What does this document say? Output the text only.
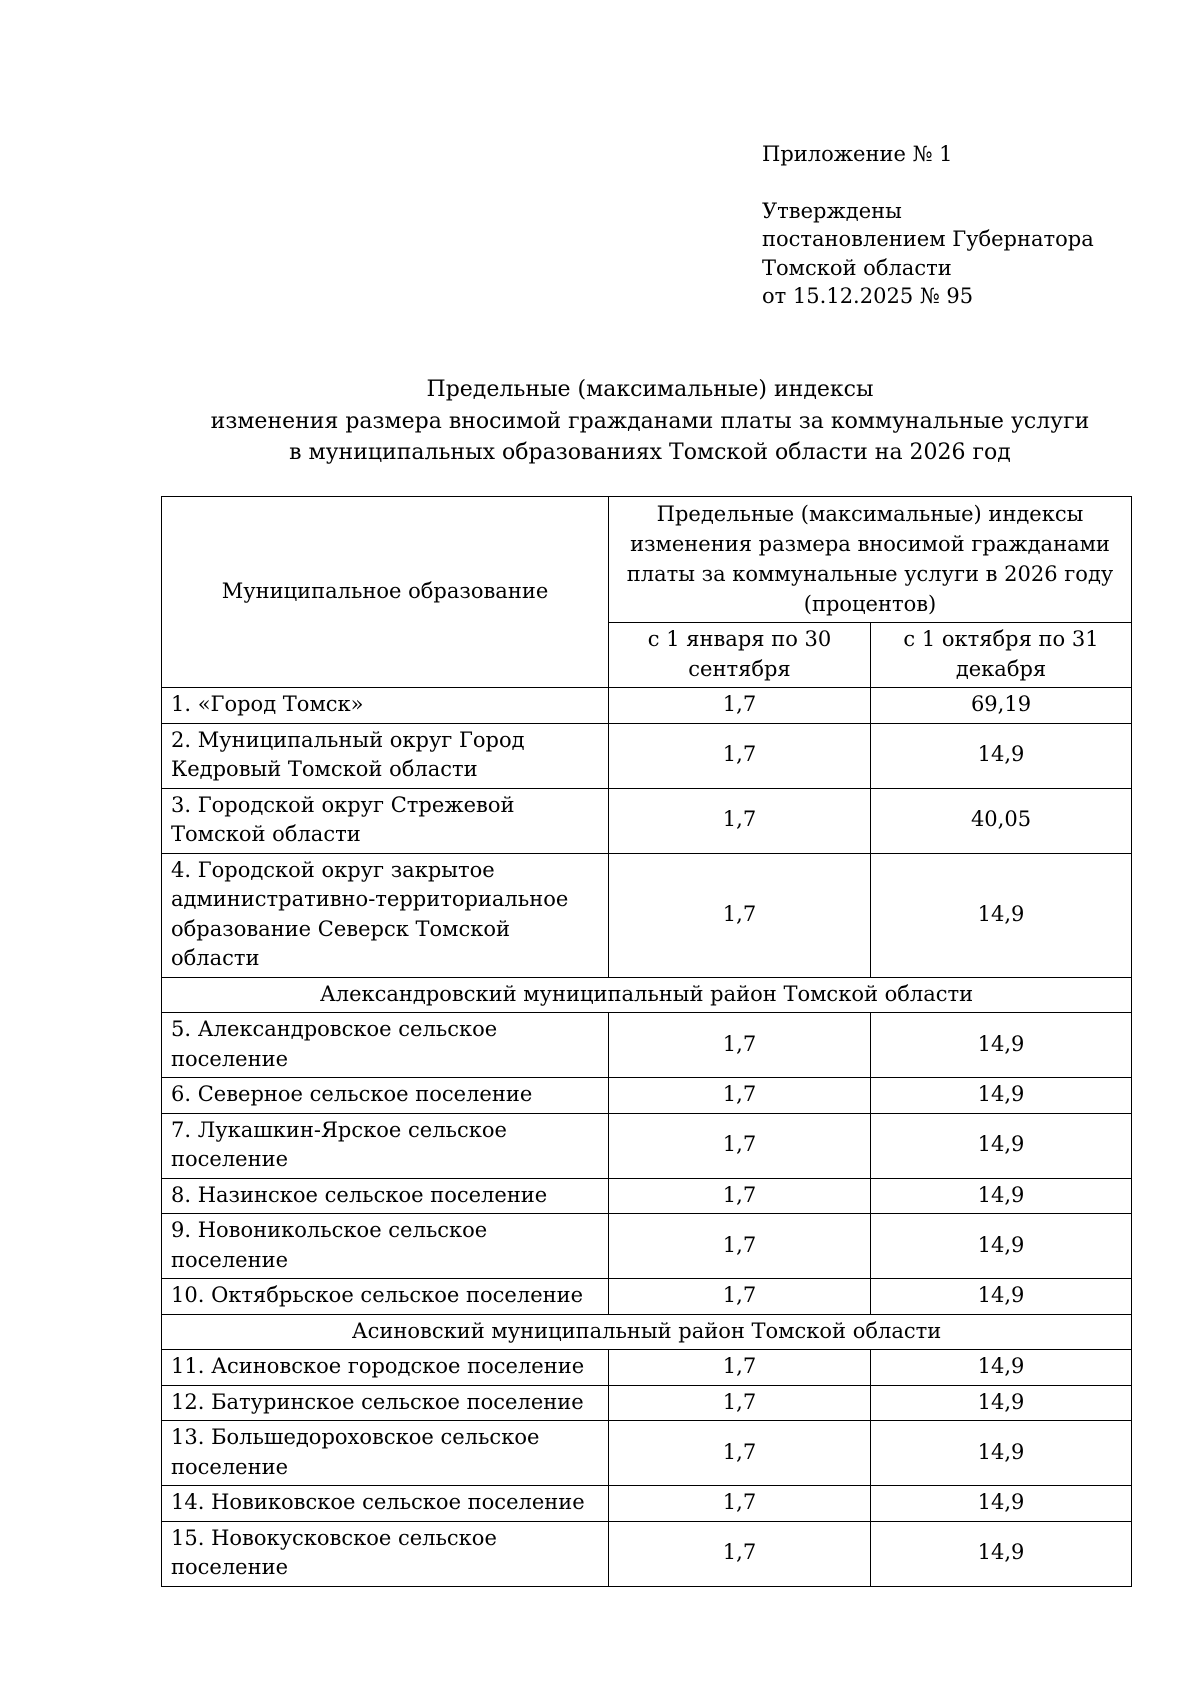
Приложение № 1
Утверждены
постановлением Губернатора
Томской области
от 15.12.2025 № 95
Предельные (максимальные) индексы
изменения размера вносимой гражданами платы за коммунальные услуги
в муниципальных образованиях Томской области на 2026 год
Муниципальное образование	Предельные (максимальные) индексы изменения размера вносимой гражданами платы за коммунальные услуги в 2026 году (процентов)	
	с 1 января по 30 сентября	с 1 октября по 31 декабря
1. «Город Томск»	1,7	69,19
2. Муниципальный округ Город Кедровый Томской области	1,7	14,9
3. Городской округ Стрежевой Томской области	1,7	40,05
4. Городской округ закрытое административно-территориальное образование Северск Томской области	1,7	14,9
Александровский муниципальный район Томской области		
5. Александровское сельское поселение	1,7	14,9
6. Северное сельское поселение	1,7	14,9
7. Лукашкин-Ярское сельское поселение	1,7	14,9
8. Назинское сельское поселение	1,7	14,9
9. Новоникольское сельское поселение	1,7	14,9
10. Октябрьское сельское поселение	1,7	14,9
Асиновский муниципальный район Томской области		
11. Асиновское городское поселение	1,7	14,9
12. Батуринское сельское поселение	1,7	14,9
13. Большедороховское сельское поселение	1,7	14,9
14. Новиковское сельское поселение	1,7	14,9
15. Новокусковское сельское поселение	1,7	14,9
